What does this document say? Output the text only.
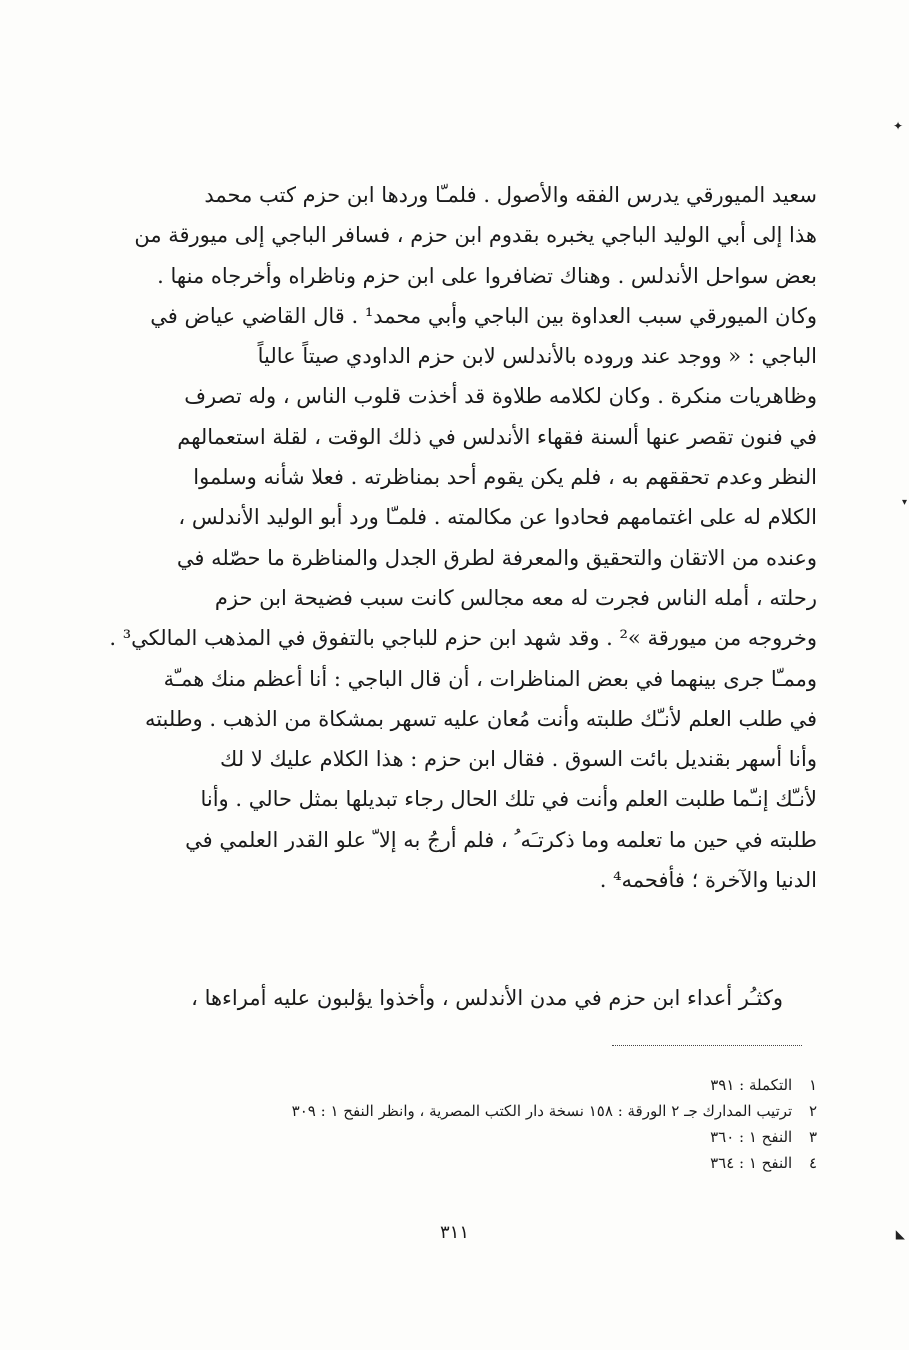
✦
▾
◣
سعيد الميورقي يدرس الفقه والأصول . فلمـّا وردها ابن حزم كتب محمد
هذا إلى أبي الوليد الباجي يخبره بقدوم ابن حزم ، فسافر الباجي إلى ميورقة من
بعض سواحل الأندلس . وهناك تضافروا على ابن حزم وناظراه وأخرجاه منها .
وكان الميورقي سبب العداوة بين الباجي وأبي محمد¹ . قال القاضي عياض في
الباجي : « ووجد عند وروده بالأندلس لابن حزم الداودي صيتاً عالياً
وظاهريات منكرة . وكان لكلامه طلاوة قد أخذت قلوب الناس ، وله تصرف
في فنون تقصر عنها ألسنة فقهاء الأندلس في ذلك الوقت ، لقلة استعمالهم
النظر وعدم تحققهم به ، فلم يكن يقوم أحد بمناظرته . فعلا شأنه وسلموا
الكلام له على اغتمامهم فحادوا عن مكالمته . فلمـّا ورد أبو الوليد الأندلس ،
وعنده من الاتقان والتحقيق والمعرفة لطرق الجدل والمناظرة ما حصّله في
رحلته ، أمله الناس فجرت له معه مجالس كانت سبب فضيحة ابن حزم
وخروجه من ميورقة »² . وقد شهد ابن حزم للباجي بالتفوق في المذهب المالكي³ .
وممـّا جرى بينهما في بعض المناظرات ، أن قال الباجي : أنا أعظم منك همـّة
في طلب العلم لأنـّك طلبته وأنت مُعان عليه تسهر بمشكاة من الذهب . وطلبته
وأنا أسهر بقنديل بائت السوق . فقال ابن حزم : هذا الكلام عليك لا لك
لأنـّك إنـّما طلبت العلم وأنت في تلك الحال رجاء تبديلها بمثل حالي . وأنا
طلبته في حين ما تعلمه وما ذكرتـَه ُ ، فلم أرجُ به إلا ّ علو القدر العلمي في
الدنيا والآخرة ؛ فأفحمه⁴ .
وكثـُر أعداء ابن حزم في مدن الأندلس ، وأخذوا يؤلبون عليه أمراءها ،
١ التكملة : ٣٩١
٢ ترتيب المدارك جـ ٢ الورقة : ١٥٨ نسخة دار الكتب المصرية ، وانظر النفح ١ : ٣٠٩
٣ النفح ١ : ٣٦٠
٤ النفح ١ : ٣٦٤
٣١١
